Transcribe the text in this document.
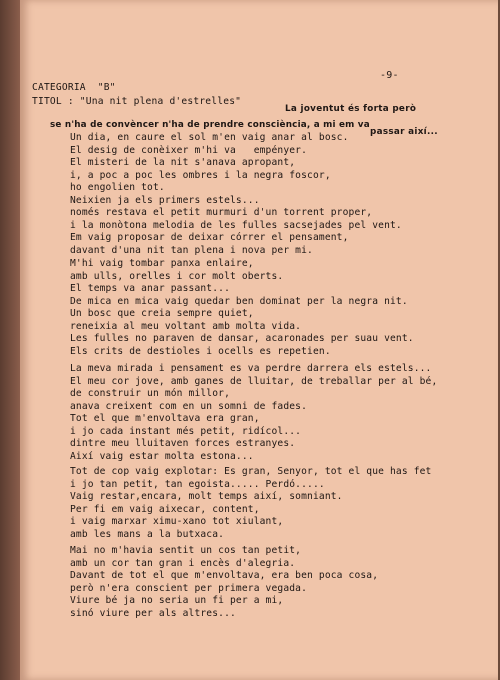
-9-
CATEGORIA  "B"
TITOL : "Una nit plena d'estrelles"
La joventut és forta però
se n'ha de convèncer n'ha de prendre consciència, a mi em va
passar així...
Un dia, en caure el sol m'en vaig anar al bosc.
El desig de conèixer m'hi va   empényer.
El misteri de la nit s'anava apropant,
i, a poc a poc les ombres i la negra foscor,
ho engolien tot.
Neixien ja els primers estels...
només restava el petit murmuri d'un torrent proper,
i la monòtona melodia de les fulles sacsejades pel vent.
Em vaig proposar de deixar córrer el pensament,
davant d'una nit tan plena i nova per mi.
M'hi vaig tombar panxa enlaire,
amb ulls, orelles i cor molt oberts.
El temps va anar passant...
De mica en mica vaig quedar ben dominat per la negra nit.
Un bosc que creia sempre quiet,
reneixia al meu voltant amb molta vida.
Les fulles no paraven de dansar, acaronades per suau vent.
Els crits de destioles i ocells es repetien.
La meva mirada i pensament es va perdre darrera els estels...
El meu cor jove, amb ganes de lluitar, de treballar per al bé,
de construir un món millor,
anava creixent com en un somni de fades.
Tot el que m'envoltava era gran,
i jo cada instant més petit, ridícol...
dintre meu lluitaven forces estranyes.
Així vaig estar molta estona...
Tot de cop vaig explotar: Es gran, Senyor, tot el que has fet
i jo tan petit, tan egoista..... Perdó.....
Vaig restar,encara, molt temps així, somniant.
Per fi em vaig aixecar, content,
i vaig marxar ximu-xano tot xiulant,
amb les mans a la butxaca.
Mai no m'havia sentit un cos tan petit,
amb un cor tan gran i encès d'alegria.
Davant de tot el que m'envoltava, era ben poca cosa,
però n'era conscient per primera vegada.
Viure bé ja no seria un fi per a mi,
sinó viure per als altres...
